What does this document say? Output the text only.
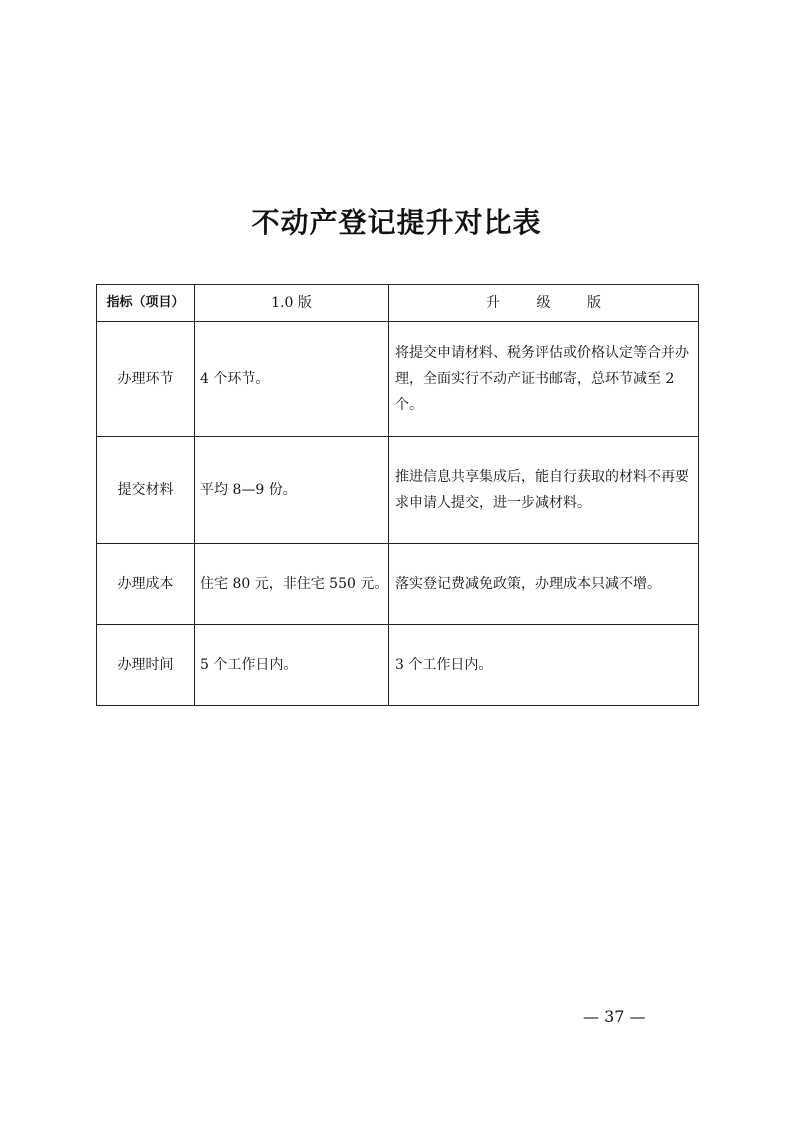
不动产登记提升对比表
指标（项目）	1.0 版	升 级 版
办理环节	4 个环节。	将提交申请材料、税务评估或价格认定等合并办理，全面实行不动产证书邮寄，总环节减至 2 个。
提交材料	平均 8—9 份。	推进信息共享集成后，能自行获取的材料不再要求申请人提交，进一步减材料。
办理成本	住宅 80 元，非住宅 550 元。	落实登记费减免政策，办理成本只减不增。
办理时间	5 个工作日内。	3 个工作日内。
— 37 —
